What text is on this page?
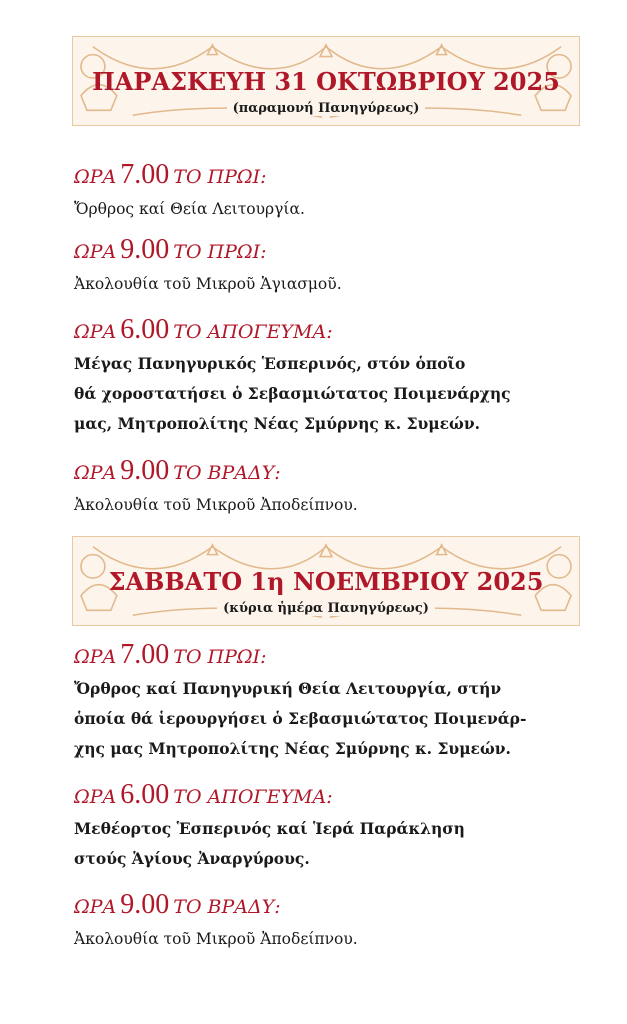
ΠΑΡΑΣΚΕΥΗ 31 ΟΚΤΩΒΡΙΟΥ 2025
(παραμονή Πανηγύρεως)
ΩΡΑ 7.00 ΤΟ ΠΡΩΙ:
Ὄρθρος καί Θεία Λειτουργία.
ΩΡΑ 9.00 ΤΟ ΠΡΩΙ:
Ἀκολουθία τοῦ Μικροῦ Ἁγιασμοῦ.
ΩΡΑ 6.00 ΤΟ ΑΠΟΓΕΥΜΑ:
Μέγας Πανηγυρικός Ἑσπερινός, στόν ὁποῖο
θά χοροστατήσει ὁ Σεβασμιώτατος Ποιμενάρχης
μας, Μητροπολίτης Νέας Σμύρνης κ. Συμεών.
ΩΡΑ 9.00 ΤΟ ΒΡΑΔΥ:
Ἀκολουθία τοῦ Μικροῦ Ἀποδείπνου.
ΣΑΒΒΑΤΟ 1η ΝΟΕΜΒΡΙΟΥ 2025
(κύρια ἡμέρα Πανηγύρεως)
ΩΡΑ 7.00 ΤΟ ΠΡΩΙ:
Ὄρθρος καί Πανηγυρική Θεία Λειτουργία, στήν
ὁποία θά ἱερουργήσει ὁ Σεβασμιώτατος Ποιμενάρ-
χης μας Μητροπολίτης Νέας Σμύρνης κ. Συμεών.
ΩΡΑ 6.00 ΤΟ ΑΠΟΓΕΥΜΑ:
Μεθέορτος Ἑσπερινός καί Ἱερά Παράκληση
στούς Ἁγίους Ἀναργύρους.
ΩΡΑ 9.00 ΤΟ ΒΡΑΔΥ:
Ἀκολουθία τοῦ Μικροῦ Ἀποδείπνου.
